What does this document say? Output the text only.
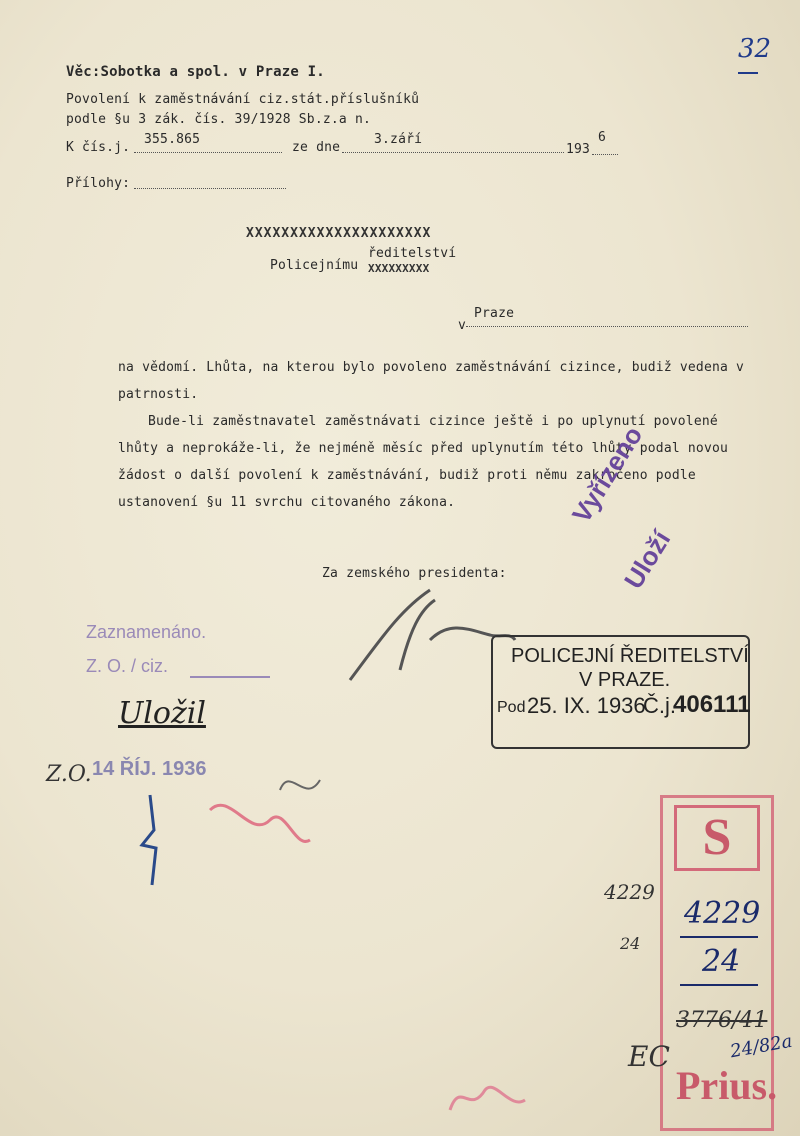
32
Věc:Sobotka a spol. v Praze I.
Povolení k zaměstnávání ciz.stát.příslušníků
podle §u 3 zák. čís. 39/1928 Sb.z.a n.
K čís.j.
355.865
ze dne
3.září
193
6
Přílohy:
XXXXXXXXXXXXXXXXXXXXX
ředitelství
Policejnímu XXXXXXXXX
v
Praze

na vědomí. Lhůta, na kterou bylo povoleno zaměstnávání cizince, budiž vedena v patrnosti.

Bude-li zaměstnavatel zaměstnávati cizince ještě i po uplynutí povolené lhůty a neprokáže-li, že nejméně měsíc před uplynutím této lhůty podal novou žádost o další povolení k zaměstnávání, budiž proti němu zakročeno podle ustanovení §u 11 svrchu citovaného zákona.

Za zemského presidenta:
Vyřízeno
Uloží
Zaznamenáno.
Z. O. / ciz.	POLICEJNÍ ŘEDITELSTVÍ
V PRAZE.
Pod 25. IX. 1936
Č.j.
406111
Uložil
Z.O. 14 ŘÍJ. 1936
S
4229
24
4229
24
3776/41
EC
Prius.
24/82a
